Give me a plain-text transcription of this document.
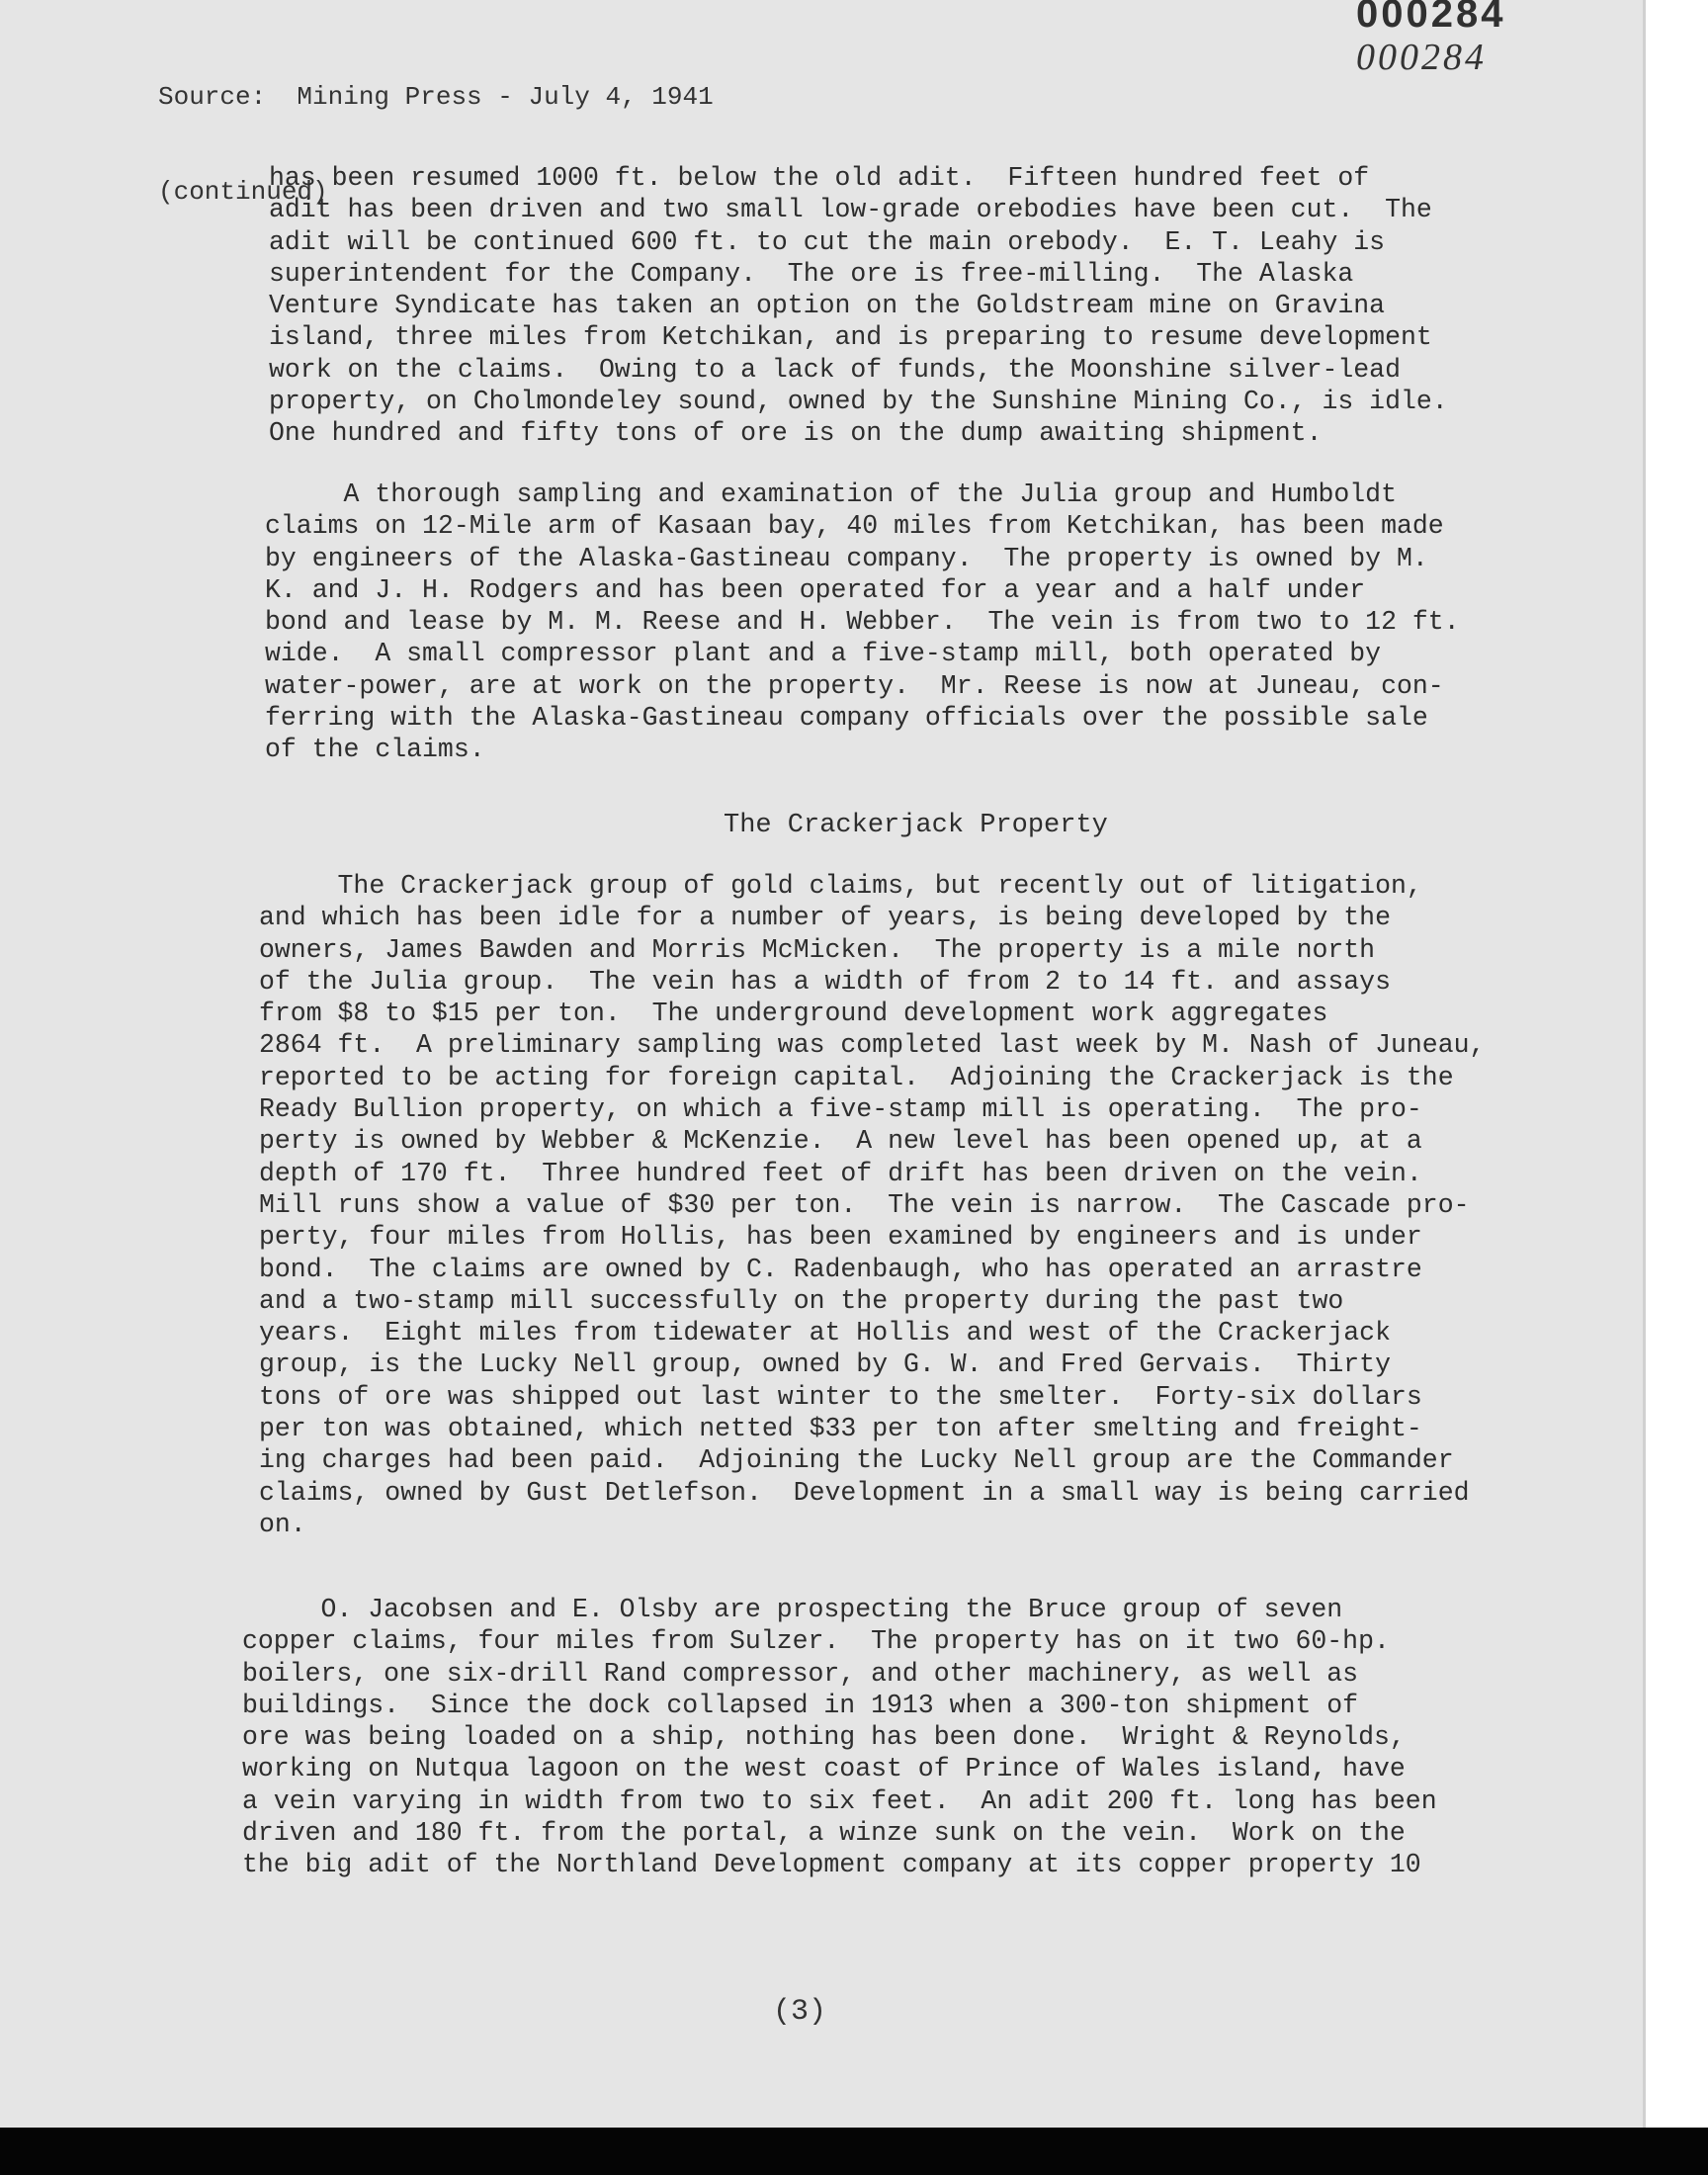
Source:  Mining Press - July 4, 1941

(continued)

000284
000284
has been resumed 1000 ft. below the old adit.  Fifteen hundred feet of
adit has been driven and two small low-grade orebodies have been cut.  The
adit will be continued 600 ft. to cut the main orebody.  E. T. Leahy is
superintendent for the Company.  The ore is free-milling.  The Alaska
Venture Syndicate has taken an option on the Goldstream mine on Gravina
island, three miles from Ketchikan, and is preparing to resume development
work on the claims.  Owing to a lack of funds, the Moonshine silver-lead
property, on Cholmondeley sound, owned by the Sunshine Mining Co., is idle.
One hundred and fifty tons of ore is on the dump awaiting shipment.
A thorough sampling and examination of the Julia group and Humboldt
claims on 12-Mile arm of Kasaan bay, 40 miles from Ketchikan, has been made
by engineers of the Alaska-Gastineau company.  The property is owned by M.
K. and J. H. Rodgers and has been operated for a year and a half under
bond and lease by M. M. Reese and H. Webber.  The vein is from two to 12 ft.
wide.  A small compressor plant and a five-stamp mill, both operated by
water-power, are at work on the property.  Mr. Reese is now at Juneau, con-
ferring with the Alaska-Gastineau company officials over the possible sale
of the claims.
The Crackerjack Property
The Crackerjack group of gold claims, but recently out of litigation,
and which has been idle for a number of years, is being developed by the
owners, James Bawden and Morris McMicken.  The property is a mile north
of the Julia group.  The vein has a width of from 2 to 14 ft. and assays
from $8 to $15 per ton.  The underground development work aggregates
2864 ft.  A preliminary sampling was completed last week by M. Nash of Juneau,
reported to be acting for foreign capital.  Adjoining the Crackerjack is the
Ready Bullion property, on which a five-stamp mill is operating.  The pro-
perty is owned by Webber & McKenzie.  A new level has been opened up, at a
depth of 170 ft.  Three hundred feet of drift has been driven on the vein.
Mill runs show a value of $30 per ton.  The vein is narrow.  The Cascade pro-
perty, four miles from Hollis, has been examined by engineers and is under
bond.  The claims are owned by C. Radenbaugh, who has operated an arrastre
and a two-stamp mill successfully on the property during the past two
years.  Eight miles from tidewater at Hollis and west of the Crackerjack
group, is the Lucky Nell group, owned by G. W. and Fred Gervais.  Thirty
tons of ore was shipped out last winter to the smelter.  Forty-six dollars
per ton was obtained, which netted $33 per ton after smelting and freight-
ing charges had been paid.  Adjoining the Lucky Nell group are the Commander
claims, owned by Gust Detlefson.  Development in a small way is being carried
on.
O. Jacobsen and E. Olsby are prospecting the Bruce group of seven
copper claims, four miles from Sulzer.  The property has on it two 60-hp.
boilers, one six-drill Rand compressor, and other machinery, as well as
buildings.  Since the dock collapsed in 1913 when a 300-ton shipment of
ore was being loaded on a ship, nothing has been done.  Wright & Reynolds,
working on Nutqua lagoon on the west coast of Prince of Wales island, have
a vein varying in width from two to six feet.  An adit 200 ft. long has been
driven and 180 ft. from the portal, a winze sunk on the vein.  Work on the
the big adit of the Northland Development company at its copper property 10
(3)
